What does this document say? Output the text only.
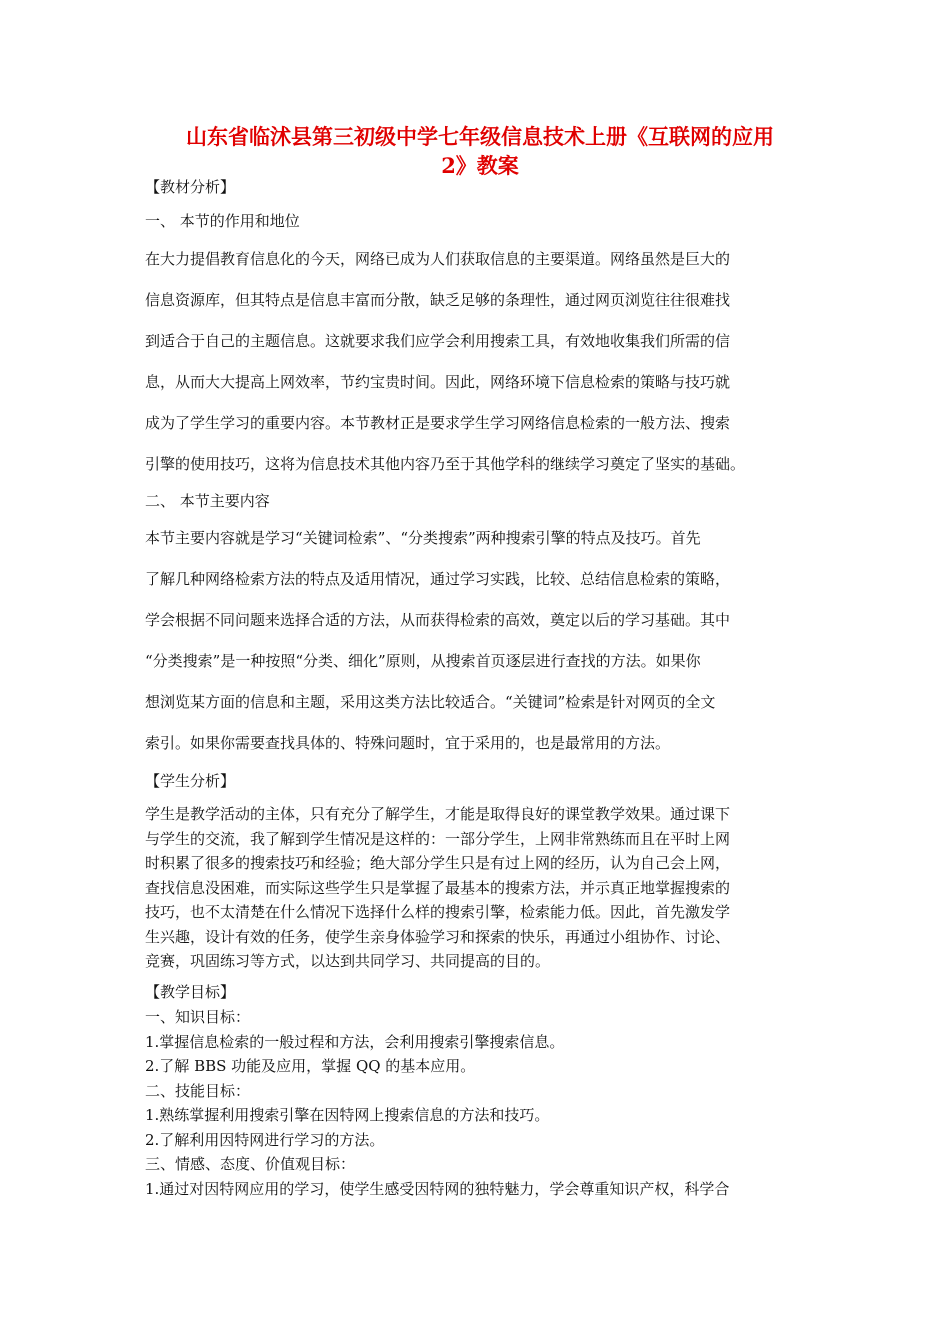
山东省临沭县第三初级中学七年级信息技术上册《互联网的应用
2》教案

【教材分析】

一、 本节的作用和地位

在大力提倡教育信息化的今天，网络已成为人们获取信息的主要渠道。网络虽然是巨大的
信息资源库，但其特点是信息丰富而分散，缺乏足够的条理性，通过网页浏览往往很难找
到适合于自己的主题信息。这就要求我们应学会利用搜索工具，有效地收集我们所需的信
息，从而大大提高上网效率，节约宝贵时间。因此，网络环境下信息检索的策略与技巧就
成为了学生学习的重要内容。本节教材正是要求学生学习网络信息检索的一般方法、搜索
引擎的使用技巧，这将为信息技术其他内容乃至于其他学科的继续学习奠定了坚实的基础。

二、 本节主要内容

本节主要内容就是学习“关键词检索”、“分类搜索”两种搜索引擎的特点及技巧。首先
了解几种网络检索方法的特点及适用情况，通过学习实践，比较、总结信息检索的策略，
学会根据不同问题来选择合适的方法，从而获得检索的高效，奠定以后的学习基础。其中
“分类搜索”是一种按照“分类、细化”原则，从搜索首页逐层进行查找的方法。如果你
想浏览某方面的信息和主题，采用这类方法比较适合。“关键词”检索是针对网页的全文
索引。如果你需要查找具体的、特殊问题时，宜于采用的，也是最常用的方法。

【学生分析】

学生是教学活动的主体，只有充分了解学生，才能是取得良好的课堂教学效果。通过课下
与学生的交流，我了解到学生情况是这样的：一部分学生，上网非常熟练而且在平时上网
时积累了很多的搜索技巧和经验；绝大部分学生只是有过上网的经历，认为自己会上网，
查找信息没困难，而实际这些学生只是掌握了最基本的搜索方法，并示真正地掌握搜索的
技巧，也不太清楚在什么情况下选择什么样的搜索引擎，检索能力低。因此，首先激发学
生兴趣，设计有效的任务，使学生亲身体验学习和探索的快乐，再通过小组协作、讨论、
竞赛，巩固练习等方式，以达到共同学习、共同提高的目的。

【教学目标】

一、知识目标：
1.掌握信息检索的一般过程和方法，会利用搜索引擎搜索信息。
2.了解 BBS 功能及应用，掌握 QQ 的基本应用。
二、技能目标：
1.熟练掌握利用搜索引擎在因特网上搜索信息的方法和技巧。
2.了解利用因特网进行学习的方法。
三、情感、态度、价值观目标：
1.通过对因特网应用的学习，使学生感受因特网的独特魅力，学会尊重知识产权，科学合
